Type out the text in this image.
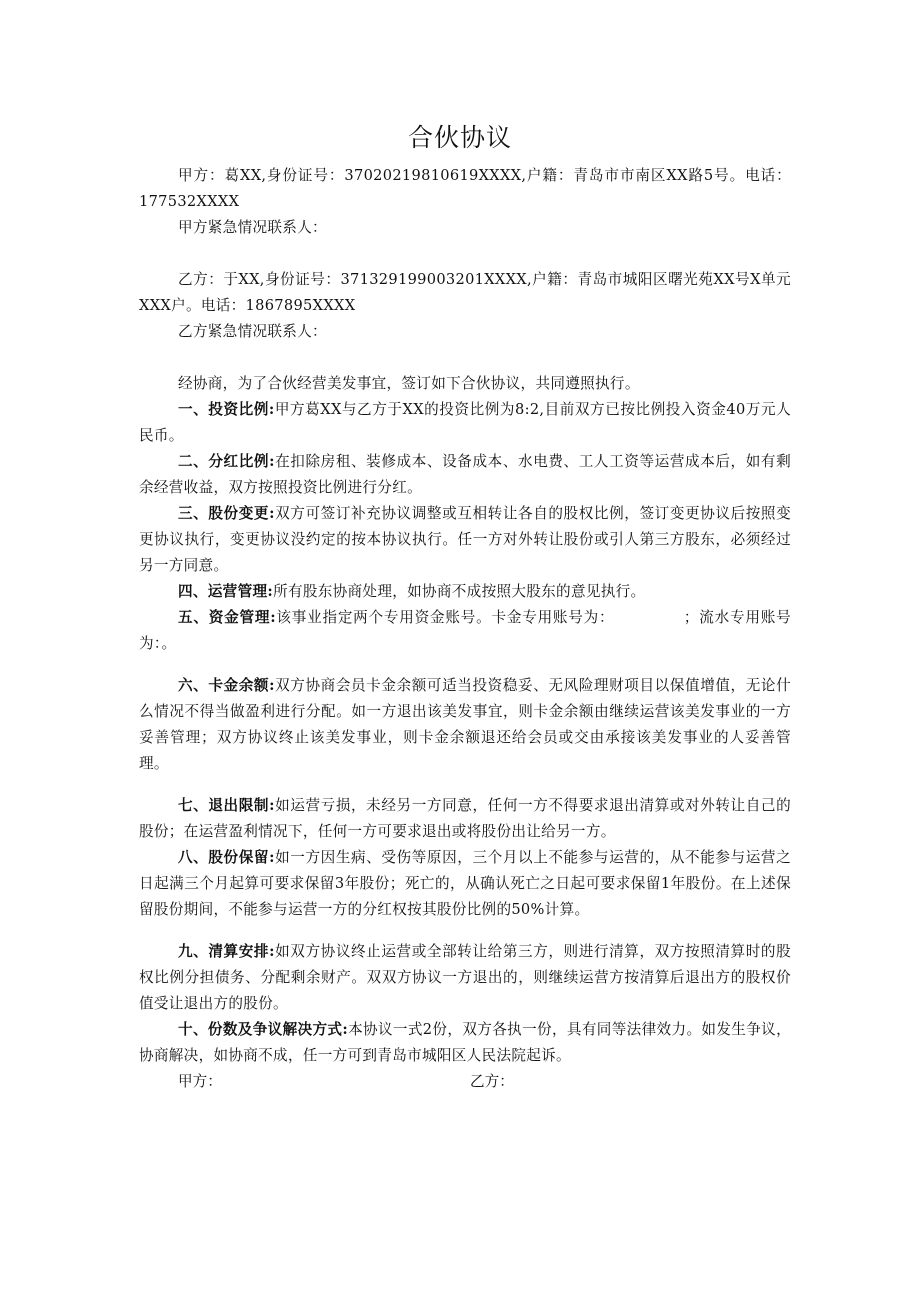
合伙协议

甲方：葛XX,身份证号：37020219810619XXXX,户籍：青岛市市南区XX路5号。电话：177532XXXX

甲方紧急情况联系人：

乙方：于XX,身份证号：371329199003201XXXX,户籍：青岛市城阳区曙光苑XX号X单元XXX户。电话：1867895XXXX

乙方紧急情况联系人：

经协商，为了合伙经营美发事宜，签订如下合伙协议，共同遵照执行。

一、投资比例:甲方葛XX与乙方于XX的投资比例为8:2,目前双方已按比例投入资金40万元人民币。

二、分红比例:在扣除房租、装修成本、设备成本、水电费、工人工资等运营成本后，如有剩余经营收益，双方按照投资比例进行分红。

三、股份变更:双方可签订补充协议调整或互相转让各自的股权比例，签订变更协议后按照变更协议执行，变更协议没约定的按本协议执行。任一方对外转让股份或引人第三方股东，必须经过另一方同意。

四、运营管理:所有股东协商处理，如协商不成按照大股东的意见执行。

五、资金管理:该事业指定两个专用资金账号。卡金专用账号为：　　　　　；流水专用账号为：。

六、卡金余额:双方协商会员卡金余额可适当投资稳妥、无风险理财项目以保值增值，无论什么情况不得当做盈利进行分配。如一方退出该美发事宜，则卡金余额由继续运营该美发事业的一方妥善管理；双方协议终止该美发事业，则卡金余额退还给会员或交由承接该美发事业的人妥善管理。

七、退出限制:如运营亏损，未经另一方同意，任何一方不得要求退出清算或对外转让自己的股份；在运营盈利情况下，任何一方可要求退出或将股份出让给另一方。

八、股份保留:如一方因生病、受伤等原因，三个月以上不能参与运营的，从不能参与运营之日起满三个月起算可要求保留3年股份；死亡的，从确认死亡之日起可要求保留1年股份。在上述保留股份期间，不能参与运营一方的分红权按其股份比例的50%计算。

九、清算安排:如双方协议终止运营或全部转让给第三方，则进行清算，双方按照清算时的股权比例分担债务、分配剩余财产。双双方协议一方退出的，则继续运营方按清算后退出方的股权价值受让退出方的股份。

十、份数及争议解决方式:本协议一式2份，双方各执一份，具有同等法律效力。如发生争议，协商解决，如协商不成，任一方可到青岛市城阳区人民法院起诉。

甲方：	乙方：
